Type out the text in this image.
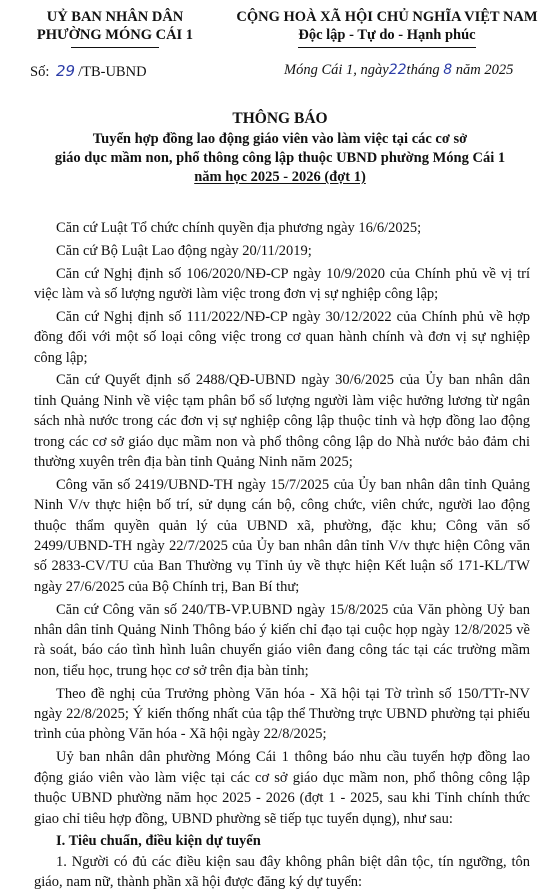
UỶ BAN NHÂN DÂN
PHƯỜNG MÓNG CÁI 1
CỘNG HOÀ XÃ HỘI CHỦ NGHĨA VIỆT NAM
Độc lập - Tự do - Hạnh phúc
Số: 29 /TB-UBND	Móng Cái 1, ngày22tháng 8 năm 2025
THÔNG BÁO
Tuyển hợp đồng lao động giáo viên vào làm việc tại các cơ sở
giáo dục mầm non, phổ thông công lập thuộc UBND phường Móng Cái 1
năm học 2025 - 2026 (đợt 1)

Căn cứ Luật Tổ chức chính quyền địa phương ngày 16/6/2025;

Căn cứ Bộ Luật Lao động ngày 20/11/2019;

Căn cứ Nghị định số 106/2020/NĐ-CP ngày 10/9/2020 của Chính phủ về vị trí việc làm và số lượng người làm việc trong đơn vị sự nghiệp công lập;

Căn cứ Nghị định số 111/2022/NĐ-CP ngày 30/12/2022 của Chính phủ về hợp đồng đối với một số loại công việc trong cơ quan hành chính và đơn vị sự nghiệp công lập;

Căn cứ Quyết định số 2488/QĐ-UBND ngày 30/6/2025 của Ủy ban nhân dân tỉnh Quảng Ninh về việc tạm phân bổ số lượng người làm việc hưởng lương từ ngân sách nhà nước trong các đơn vị sự nghiệp công lập thuộc tỉnh và hợp đồng lao động trong các cơ sở giáo dục mầm non và phổ thông công lập do Nhà nước bảo đảm chi thường xuyên trên địa bàn tỉnh Quảng Ninh năm 2025;

Công văn số 2419/UBND-TH ngày 15/7/2025 của Ủy ban nhân dân tỉnh Quảng Ninh V/v thực hiện bố trí, sử dụng cán bộ, công chức, viên chức, người lao động thuộc thẩm quyền quản lý của UBND xã, phường, đặc khu; Công văn số 2499/UBND-TH ngày 22/7/2025 của Ủy ban nhân dân tỉnh V/v thực hiện Công văn số 2833-CV/TU của Ban Thường vụ Tỉnh ủy về thực hiện Kết luận số 171-KL/TW ngày 27/6/2025 của Bộ Chính trị, Ban Bí thư;

Căn cứ Công văn số 240/TB-VP.UBND ngày 15/8/2025 của Văn phòng Uỷ ban nhân dân tỉnh Quảng Ninh Thông báo ý kiến chỉ đạo tại cuộc họp ngày 12/8/2025 về rà soát, báo cáo tình hình luân chuyển giáo viên đang công tác tại các trường mầm non, tiểu học, trung học cơ sở trên địa bàn tỉnh;

Theo đề nghị của Trưởng phòng Văn hóa - Xã hội tại Tờ trình số 150/TTr-NV ngày 22/8/2025; Ý kiến thống nhất của tập thể Thường trực UBND phường tại phiếu trình của phòng Văn hóa - Xã hội ngày 22/8/2025;

Uỷ ban nhân dân phường Móng Cái 1 thông báo nhu cầu tuyển hợp đồng lao động giáo viên vào làm việc tại các cơ sở giáo dục mầm non, phổ thông công lập thuộc UBND phường năm học 2025 - 2026 (đợt 1 - 2025, sau khi Tỉnh chính thức giao chỉ tiêu hợp đồng, UBND phường sẽ tiếp tục tuyển dụng), như sau:

I. Tiêu chuẩn, điều kiện dự tuyển

1. Người có đủ các điều kiện sau đây không phân biệt dân tộc, tín ngưỡng, tôn giáo, nam nữ, thành phần xã hội được đăng ký dự tuyển:
